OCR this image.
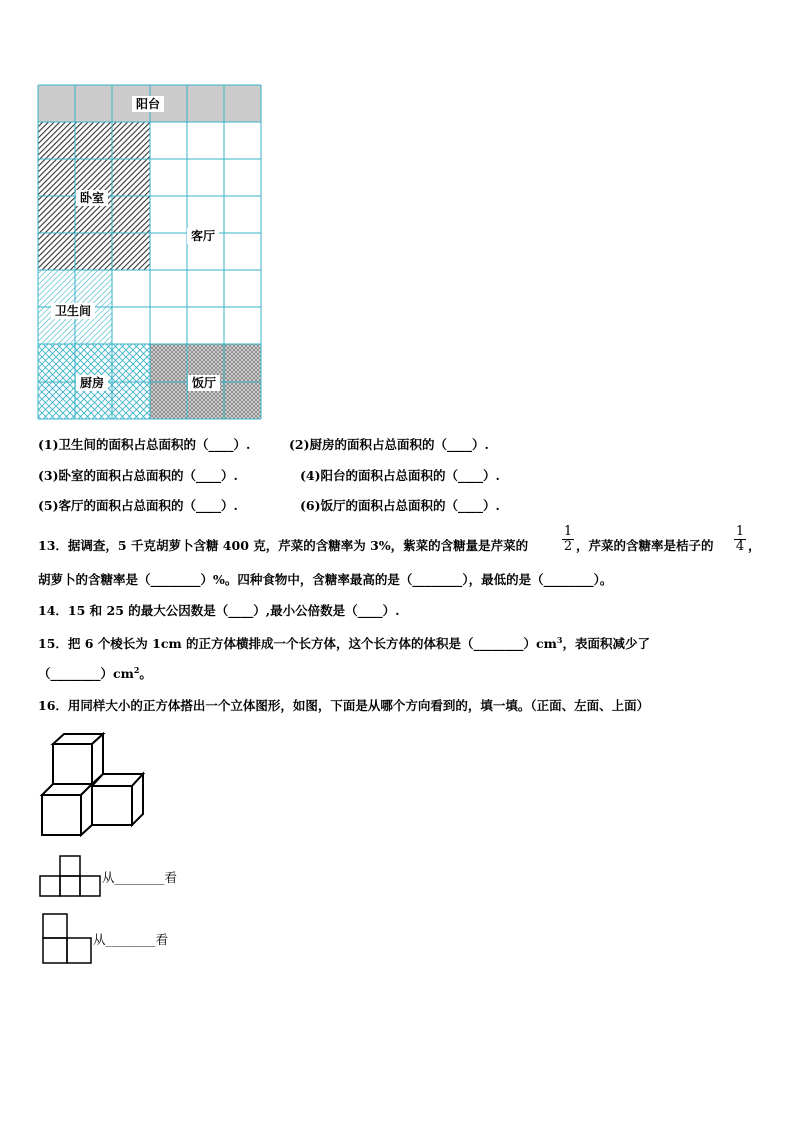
阳台
卧室
客厅
卫生间
厨房	饭厅
(1)卫生间的面积占总面积的（____）.	(2)厨房的面积占总面积的（____）.
(3)卧室的面积占总面积的（____）.	(4)阳台的面积占总面积的（____）.
(5)客厅的面积占总面积的（____）.	(6)饭厅的面积占总面积的（____）.
13．据调查，5 千克胡萝卜含糖 400 克，芹菜的含糖率为 3%，紫菜的含糖量是芹菜的	$\frac{1}{2}$ ，芹菜的含糖率是桔子的 $\frac{1}{4}$ ，
胡萝卜的含糖率是（________）%。四种食物中，含糖率最高的是（________），最低的是（________）。
14．15 和 25 的最大公因数是（____）,最小公倍数是（____）.
15．把 6 个棱长为 1cm 的正方体横排成一个长方体，这个长方体的体积是$(\_\_\_\_\_\_\_\_)cm^3$，表面积减少了
$(\_\_\_\_\_\_\_\_)cm^2$。
16．用同样大小的正方体搭出一个立体图形，如图，下面是从哪个方向看到的，填一填。（正面、左面、上面）
从________看
从________看
